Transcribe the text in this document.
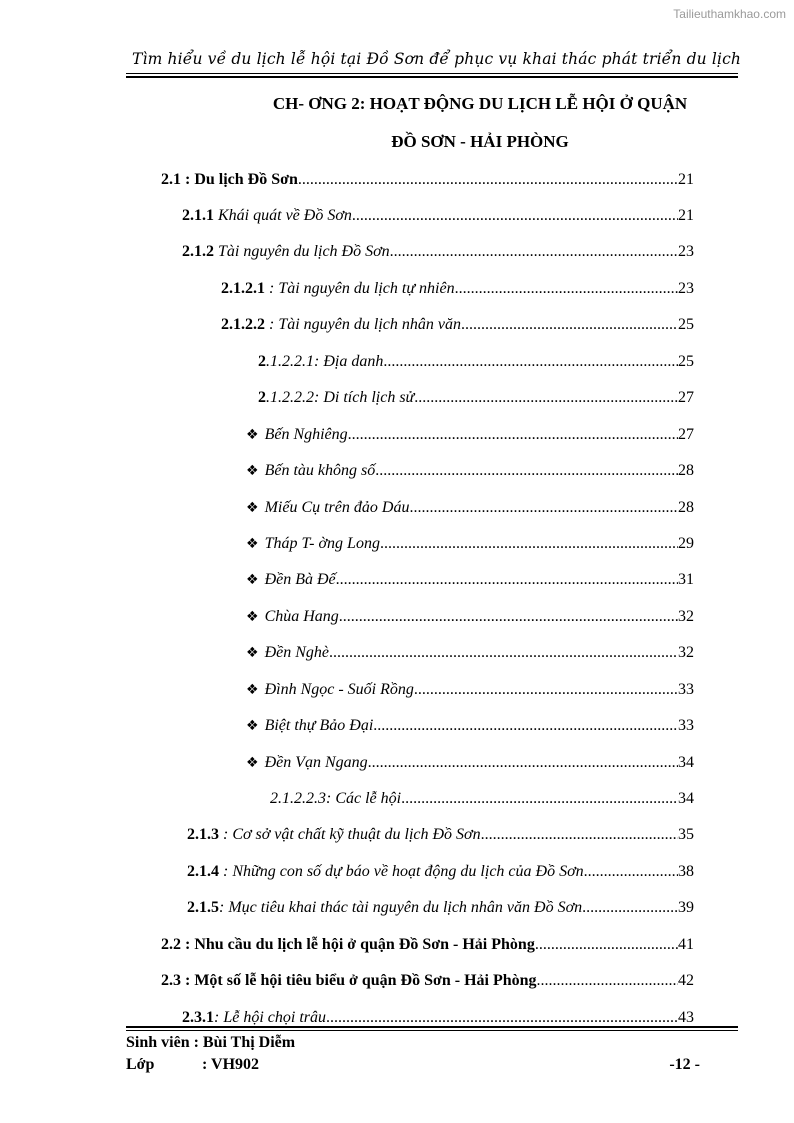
Tailieuthamkhao.com
Tìm hiểu về du lịch lễ hội tại Đồ Sơn để phục vụ khai thác phát triển du lịch
CH- ƠNG 2: HOẠT ĐỘNG DU LỊCH LỄ HỘI Ở QUẬN
ĐỒ SƠN - HẢI PHÒNG
2.1 : Du lịch Đồ Sơn .....	21
2.1.1 Khái quát về Đồ Sơn .....	21
2.1.2 Tài nguyên du lịch Đồ Sơn .....	23
2.1.2.1 : Tài nguyên du lịch tự nhiên .....	23
2.1.2.2 : Tài nguyên du lịch nhân văn .....	25
2.1.2.2.1: Địa danh .....	25
2.1.2.2.2: Di tích lịch sử .....	27
❖ Bến Nghiêng .....	27
❖ Bến tàu không số .....	28
❖ Miếu Cụ trên đảo Dáu .....	28
❖ Tháp T- ờng Long .....	29
❖ Đền Bà Đế .....	31
❖ Chùa Hang .....	32
❖ Đền Nghè .....	32
❖ Đình Ngọc - Suối Rồng .....	33
❖ Biệt thự Bảo Đại .....	33
❖ Đền Vạn Ngang .....	34
2.1.2.2.3: Các lễ hội .....	34
2.1.3 : Cơ sở vật chất kỹ thuật du lịch Đồ Sơn .....	35
2.1.4 : Những con số dự báo về hoạt động du lịch của Đồ Sơn .....	38
2.1.5: Mục tiêu khai thác tài nguyên du lịch nhân văn Đồ Sơn .....	39
2.2 : Nhu cầu du lịch lễ hội ở quận Đồ Sơn - Hải Phòng .....	41
2.3 : Một số lễ hội tiêu biểu ở quận Đồ Sơn - Hải Phòng .....	42
2.3.1: Lễ hội chọi trâu .....	43
Sinh viên : Bùi Thị Diễm
Lớp	: VH902	-12 -
